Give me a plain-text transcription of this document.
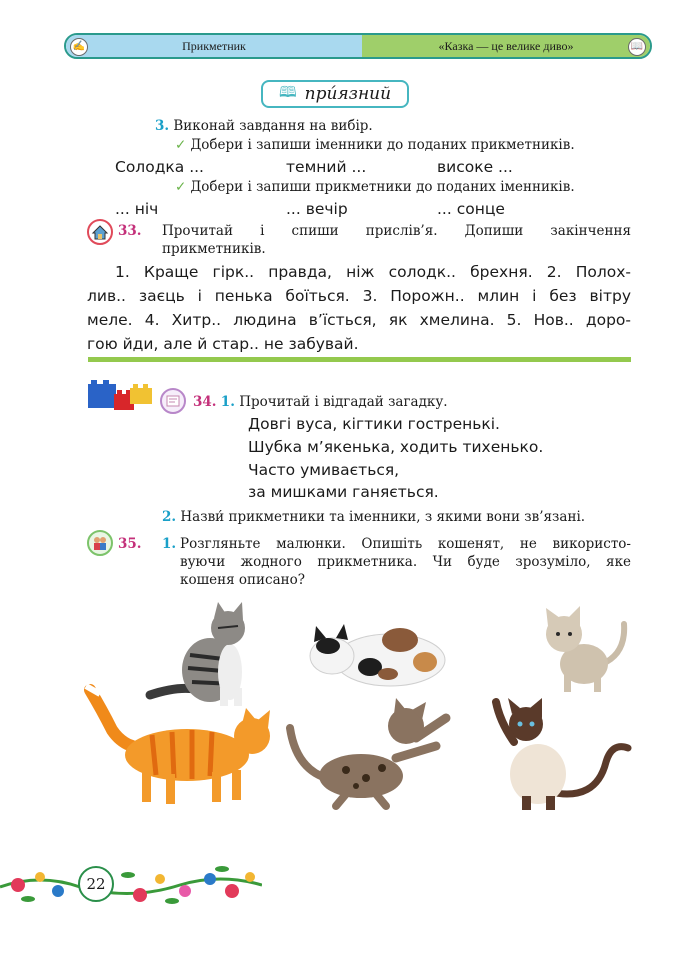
✍	Прикметник	«Казка — це велике диво»	📖
🕮 при́язний
3. Виконай завдання на вибір.
✓ Добери і запиши іменники до поданих прикметників.
Солодка ...	темний ...	високе ...
✓ Добери і запиши прикметники до поданих іменників.
... ніч	... вечір	... сонце
33. Прочитай і спиши прислів’я. Допиши закінчення
прикметників.
1. Краще гірк.. правда, ніж солодк.. брехня. 2. Полох-
лив.. заєць і пенька боїться. 3. Порожн.. млин і без вітру
меле. 4. Хитр.. людина в’їсться, як хмелина. 5. Нов.. доро-
гою йди, але й стар.. не забувай.
34. 1. Прочитай і відгадай загадку.
Довгі вуса, кігтики гостренькі.
Шубка м’якенька, ходить тихенько.
Часто умивається,
за мишками ганяється.
2. Назви́ прикметники та іменники, з якими вони зв’язані.
35. 1. Розгляньте малюнки. Опишіть кошенят, не використо-
вуючи жодного прикметника. Чи буде зрозуміло, яке
кошеня описано?
22
